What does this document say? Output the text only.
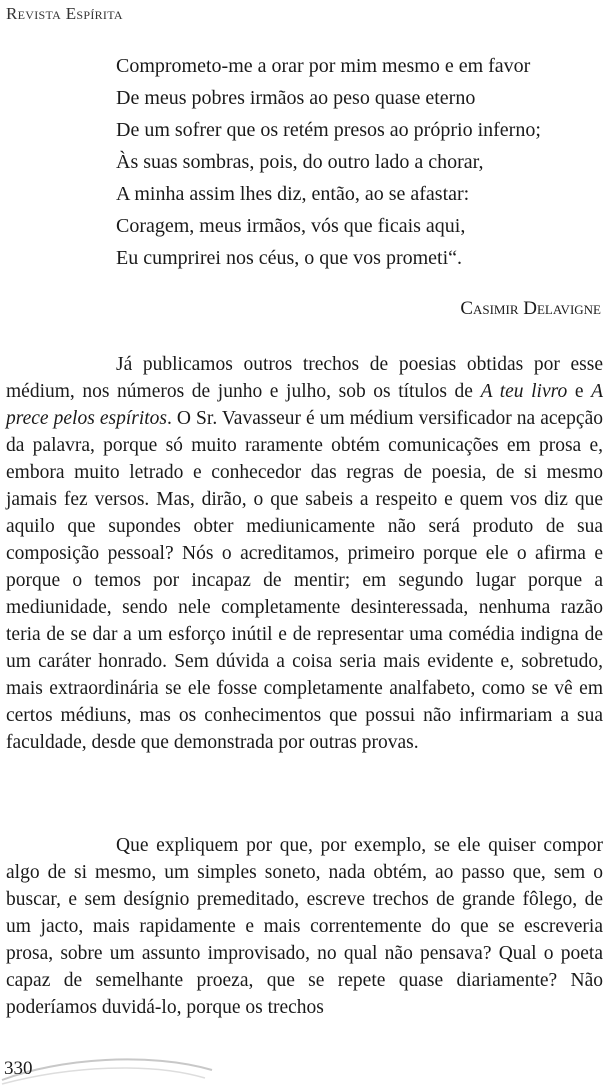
Revista Espírita
Comprometo-me a orar por mim mesmo e em favor
De meus pobres irmãos ao peso quase eterno
De um sofrer que os retém presos ao próprio inferno;
Às suas sombras, pois, do outro lado a chorar,
A minha assim lhes diz, então, ao se afastar:
Coragem, meus irmãos, vós que ficais aqui,
Eu cumprirei nos céus, o que vos prometi“.
Casimir Delavigne

Já publicamos outros trechos de poesias obtidas por esse médium, nos números de junho e julho, sob os títulos de A teu livro e A prece pelos espíritos. O Sr. Vavasseur é um médium versificador na acepção da palavra, porque só muito raramente obtém comunicações em prosa e, embora muito letrado e conhecedor das regras de poesia, de si mesmo jamais fez versos. Mas, dirão, o que sabeis a respeito e quem vos diz que aquilo que supondes obter mediunicamente não será produto de sua composição pessoal? Nós o acreditamos, primeiro porque ele o afirma e porque o temos por incapaz de mentir; em segundo lugar porque a mediunidade, sendo nele completamente desinteressada, nenhuma razão teria de se dar a um esforço inútil e de representar uma comédia indigna de um caráter honrado. Sem dúvida a coisa seria mais evidente e, sobretudo, mais extraordinária se ele fosse completamente analfabeto, como se vê em certos médiuns, mas os conhecimentos que possui não infirmariam a sua faculdade, desde que demonstrada por outras provas.

Que expliquem por que, por exemplo, se ele quiser compor algo de si mesmo, um simples soneto, nada obtém, ao passo que, sem o buscar, e sem desígnio premeditado, escreve trechos de grande fôlego, de um jacto, mais rapidamente e mais correntemente do que se escreveria prosa, sobre um assunto improvisado, no qual não pensava? Qual o poeta capaz de semelhante proeza, que se repete quase diariamente? Não poderíamos duvidá-lo, porque os trechos

330
